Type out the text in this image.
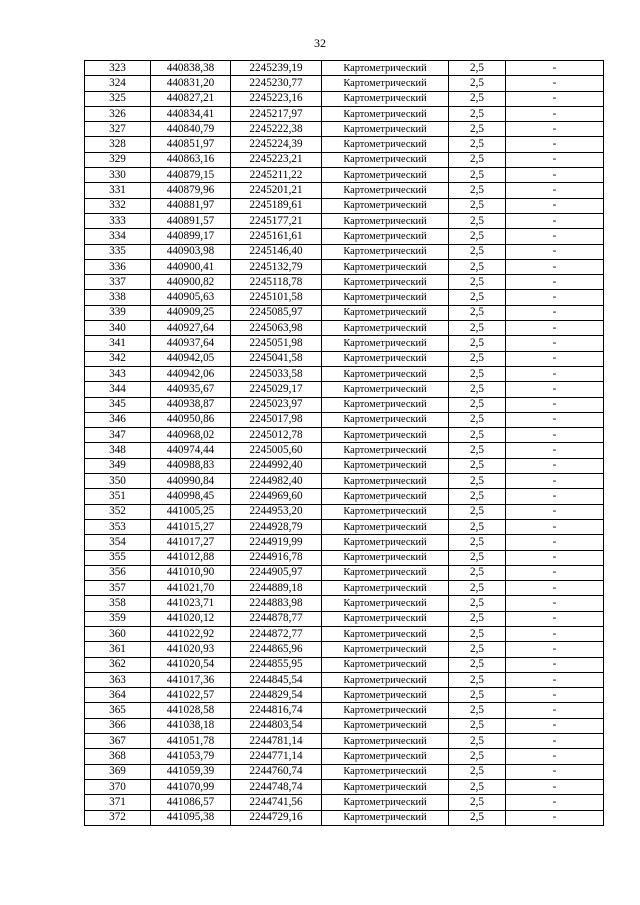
32
323	440838,38	2245239,19	Картометрический	2,5	-
324	440831,20	2245230,77	Картометрический	2,5	-
325	440827,21	2245223,16	Картометрический	2,5	-
326	440834,41	2245217,97	Картометрический	2,5	-
327	440840,79	2245222,38	Картометрический	2,5	-
328	440851,97	2245224,39	Картометрический	2,5	-
329	440863,16	2245223,21	Картометрический	2,5	-
330	440879,15	2245211,22	Картометрический	2,5	-
331	440879,96	2245201,21	Картометрический	2,5	-
332	440881,97	2245189,61	Картометрический	2,5	-
333	440891,57	2245177,21	Картометрический	2,5	-
334	440899,17	2245161,61	Картометрический	2,5	-
335	440903,98	2245146,40	Картометрический	2,5	-
336	440900,41	2245132,79	Картометрический	2,5	-
337	440900,82	2245118,78	Картометрический	2,5	-
338	440905,63	2245101,58	Картометрический	2,5	-
339	440909,25	2245085,97	Картометрический	2,5	-
340	440927,64	2245063,98	Картометрический	2,5	-
341	440937,64	2245051,98	Картометрический	2,5	-
342	440942,05	2245041,58	Картометрический	2,5	-
343	440942,06	2245033,58	Картометрический	2,5	-
344	440935,67	2245029,17	Картометрический	2,5	-
345	440938,87	2245023,97	Картометрический	2,5	-
346	440950,86	2245017,98	Картометрический	2,5	-
347	440968,02	2245012,78	Картометрический	2,5	-
348	440974,44	2245005,60	Картометрический	2,5	-
349	440988,83	2244992,40	Картометрический	2,5	-
350	440990,84	2244982,40	Картометрический	2,5	-
351	440998,45	2244969,60	Картометрический	2,5	-
352	441005,25	2244953,20	Картометрический	2,5	-
353	441015,27	2244928,79	Картометрический	2,5	-
354	441017,27	2244919,99	Картометрический	2,5	-
355	441012,88	2244916,78	Картометрический	2,5	-
356	441010,90	2244905,97	Картометрический	2,5	-
357	441021,70	2244889,18	Картометрический	2,5	-
358	441023,71	2244883,98	Картометрический	2,5	-
359	441020,12	2244878,77	Картометрический	2,5	-
360	441022,92	2244872,77	Картометрический	2,5	-
361	441020,93	2244865,96	Картометрический	2,5	-
362	441020,54	2244855,95	Картометрический	2,5	-
363	441017,36	2244845,54	Картометрический	2,5	-
364	441022,57	2244829,54	Картометрический	2,5	-
365	441028,58	2244816,74	Картометрический	2,5	-
366	441038,18	2244803,54	Картометрический	2,5	-
367	441051,78	2244781,14	Картометрический	2,5	-
368	441053,79	2244771,14	Картометрический	2,5	-
369	441059,39	2244760,74	Картометрический	2,5	-
370	441070,99	2244748,74	Картометрический	2,5	-
371	441086,57	2244741,56	Картометрический	2,5	-
372	441095,38	2244729,16	Картометрический	2,5	-
